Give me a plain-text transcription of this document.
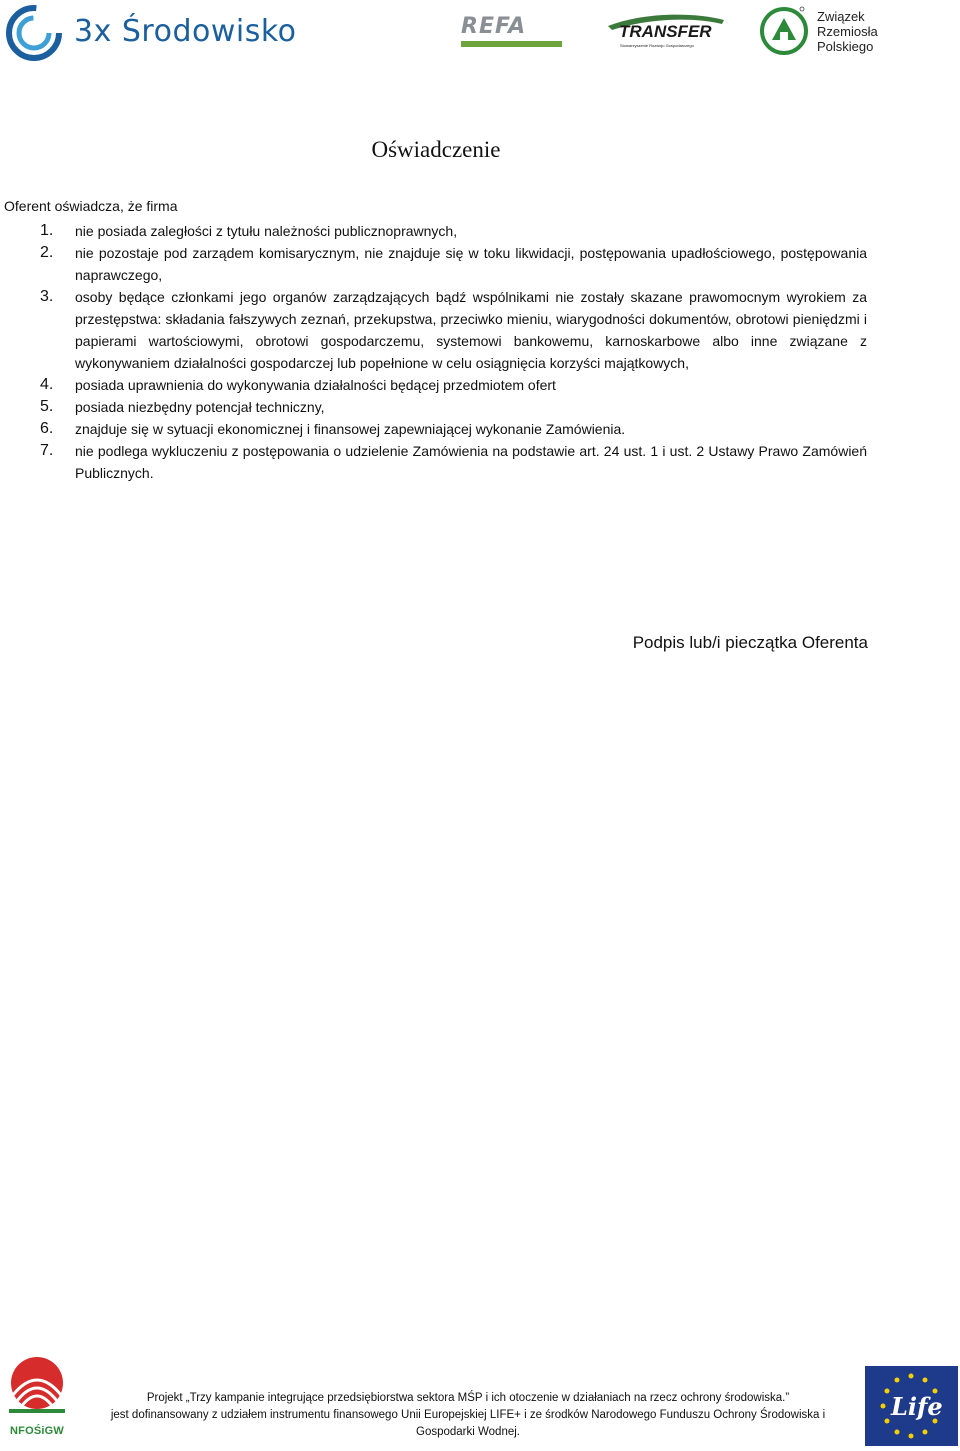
3x Środowisko	REFA	TRANSFER
Stowarzyszenie Rozwoju Gospodarczego
Związek
Rzemiosła
Polskiego
Oświadczenie
Oferent oświadcza, że firma
1.	nie posiada zaległości z tytułu należności publicznoprawnych,
2.	nie pozostaje pod zarządem komisarycznym, nie znajduje się w toku likwidacji, postępowania upadłościowego, postępowania naprawczego,
3.	osoby będące członkami jego organów zarządzających bądź wspólnikami nie zostały skazane prawomocnym wyrokiem za przestępstwa: składania fałszywych zeznań, przekupstwa, przeciwko mieniu, wiarygodności dokumentów, obrotowi pieniędzmi i papierami wartościowymi, obrotowi gospodarczemu, systemowi bankowemu, karnoskarbowe albo inne związane z wykonywaniem działalności gospodarczej lub popełnione w celu osiągnięcia korzyści majątkowych,
4.	posiada uprawnienia do wykonywania działalności będącej przedmiotem ofert
5.	posiada niezbędny potencjał techniczny,
6.	znajduje się w sytuacji ekonomicznej i finansowej zapewniającej wykonanie Zamówienia.
7.	nie podlega wykluczeniu z postępowania o udzielenie Zamówienia na podstawie art. 24 ust. 1 i ust. 2 Ustawy Prawo Zamówień Publicznych.
Podpis lub/i pieczątka Oferenta
NFOŚiGW
Projekt „Trzy kampanie integrujące przedsiębiorstwa sektora MŚP i ich otoczenie w działaniach na rzecz ochrony środowiska.”
jest dofinansowany z udziałem instrumentu finansowego Unii Europejskiej LIFE+ i ze środków Narodowego Funduszu Ochrony Środowiska i Gospodarki Wodnej.
Life
